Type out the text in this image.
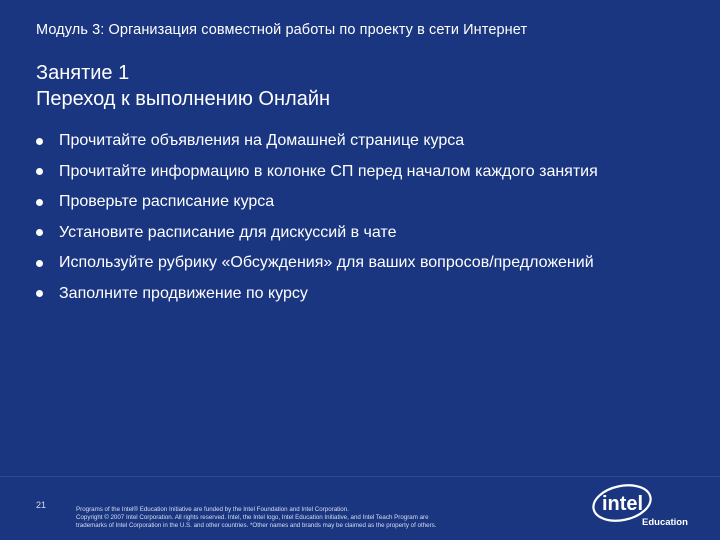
Модуль 3: Организация совместной работы по проекту в сети Интернет
Занятие 1
Переход к выполнению Онлайн
Прочитайте объявления на Домашней странице курса
Прочитайте информацию в колонке СП перед началом каждого занятия
Проверьте расписание курса
Установите расписание для дискуссий в чате
Используйте рубрику «Обсуждения» для ваших вопросов/предложений
Заполните продвижение по курсу
21	Programs of the Intel® Education Initiative are funded by the Intel Foundation and Intel Corporation.
Copyright © 2007 Intel Corporation. All rights reserved. Intel, the Intel logo, Intel Education Initiative, and Intel Teach Program are
trademarks of Intel Corporation in the U.S. and other countries. *Other names and brands may be claimed as the property of others.
intel
Education
